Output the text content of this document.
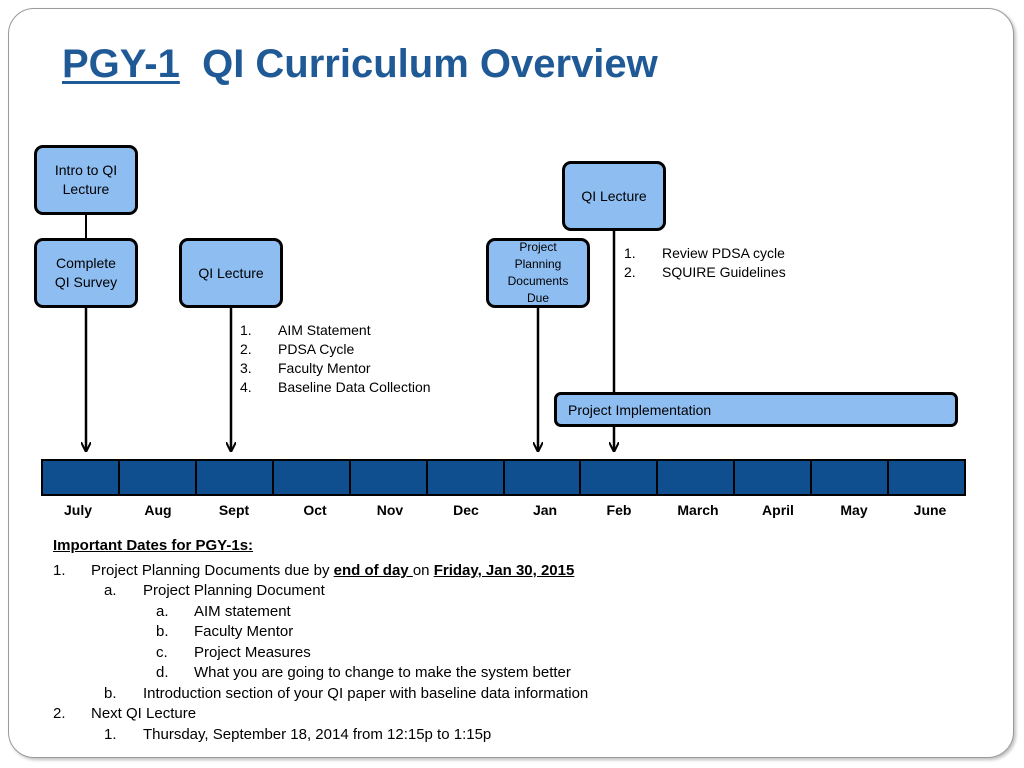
PGY-1 QI Curriculum Overview
Intro to QI
Lecture
Complete
QI Survey
QI Lecture
Project
Planning
Documents
Due
QI Lecture
Project Implementation
1. AIM Statement
2. PDSA Cycle
3. Faculty Mentor
4. Baseline Data Collection
1. Review PDSA cycle
2. SQUIRE Guidelines
July	Aug	Sept	Oct	Nov	Dec	Jan	Feb	March	April	May	June
Important Dates for PGY-1s:
1. Project Planning Documents due by end of day on Friday, Jan 30, 2015
a. Project Planning Document
a. AIM statement
b. Faculty Mentor
c. Project Measures
d. What you are going to change to make the system better
b. Introduction section of your QI paper with baseline data information
2. Next QI Lecture
1. Thursday, September 18, 2014 from 12:15p to 1:15p
